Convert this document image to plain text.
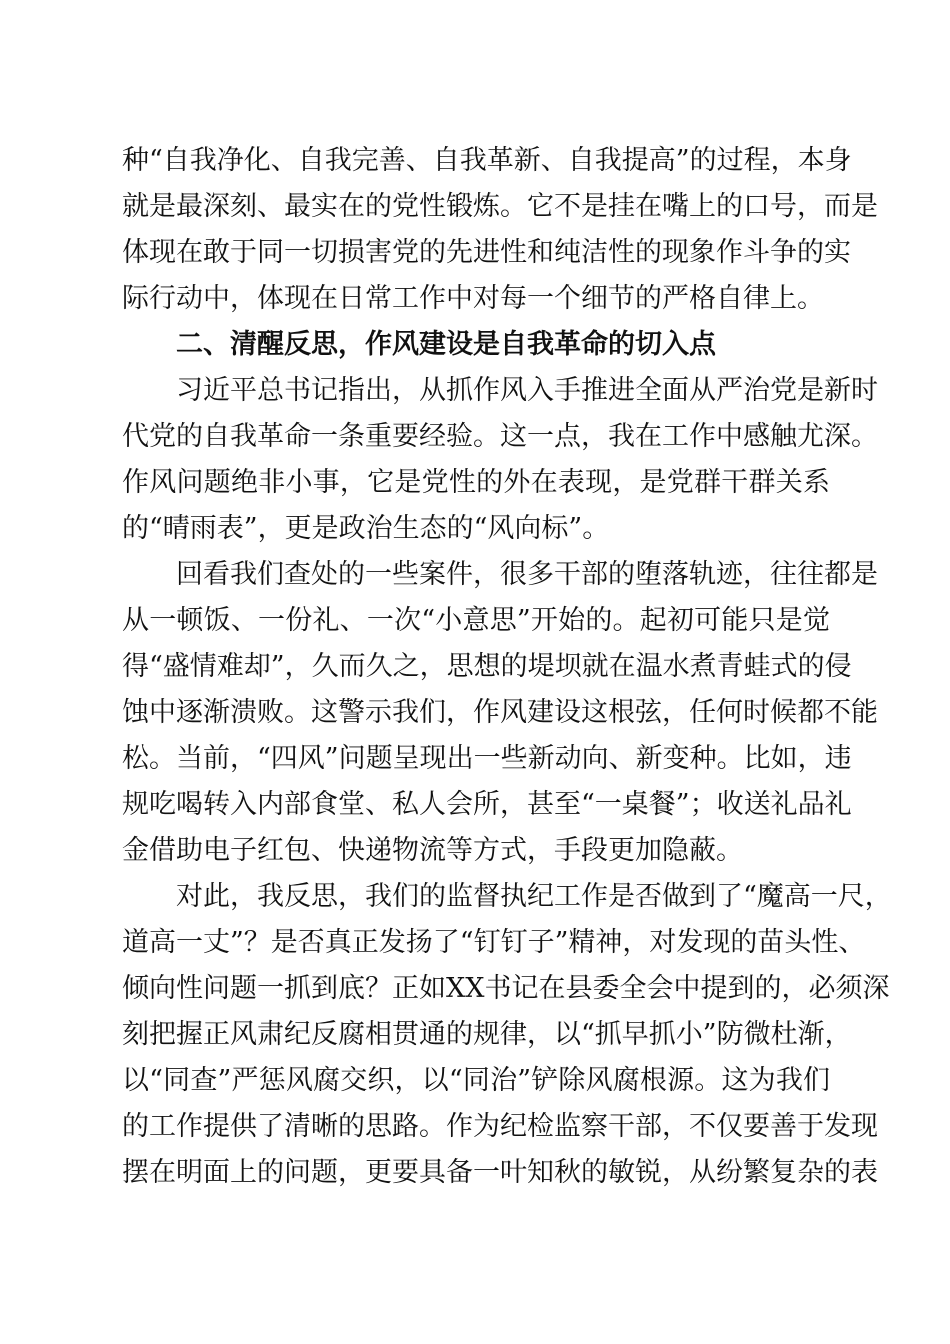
种“自我净化、自我完善、自我革新、自我提高”的过程，本身
就是最深刻、最实在的党性锻炼。它不是挂在嘴上的口号，而是
体现在敢于同一切损害党的先进性和纯洁性的现象作斗争的实
际行动中，体现在日常工作中对每一个细节的严格自律上。
二、清醒反思，作风建设是自我革命的切入点
习近平总书记指出，从抓作风入手推进全面从严治党是新时
代党的自我革命一条重要经验。这一点，我在工作中感触尤深。
作风问题绝非小事，它是党性的外在表现，是党群干群关系
的“晴雨表”，更是政治生态的“风向标”。
回看我们查处的一些案件，很多干部的堕落轨迹，往往都是
从一顿饭、一份礼、一次“小意思”开始的。起初可能只是觉
得“盛情难却”，久而久之，思想的堤坝就在温水煮青蛙式的侵
蚀中逐渐溃败。这警示我们，作风建设这根弦，任何时候都不能
松。当前，“四风”问题呈现出一些新动向、新变种。比如，违
规吃喝转入内部食堂、私人会所，甚至“一桌餐”；收送礼品礼
金借助电子红包、快递物流等方式，手段更加隐蔽。
对此，我反思，我们的监督执纪工作是否做到了“魔高一尺，
道高一丈”？是否真正发扬了“钉钉子”精神，对发现的苗头性、
倾向性问题一抓到底？正如XX书记在县委全会中提到的，必须深
刻把握正风肃纪反腐相贯通的规律，以“抓早抓小”防微杜渐，
以“同查”严惩风腐交织，以“同治”铲除风腐根源。这为我们
的工作提供了清晰的思路。作为纪检监察干部，不仅要善于发现
摆在明面上的问题，更要具备一叶知秋的敏锐，从纷繁复杂的表
